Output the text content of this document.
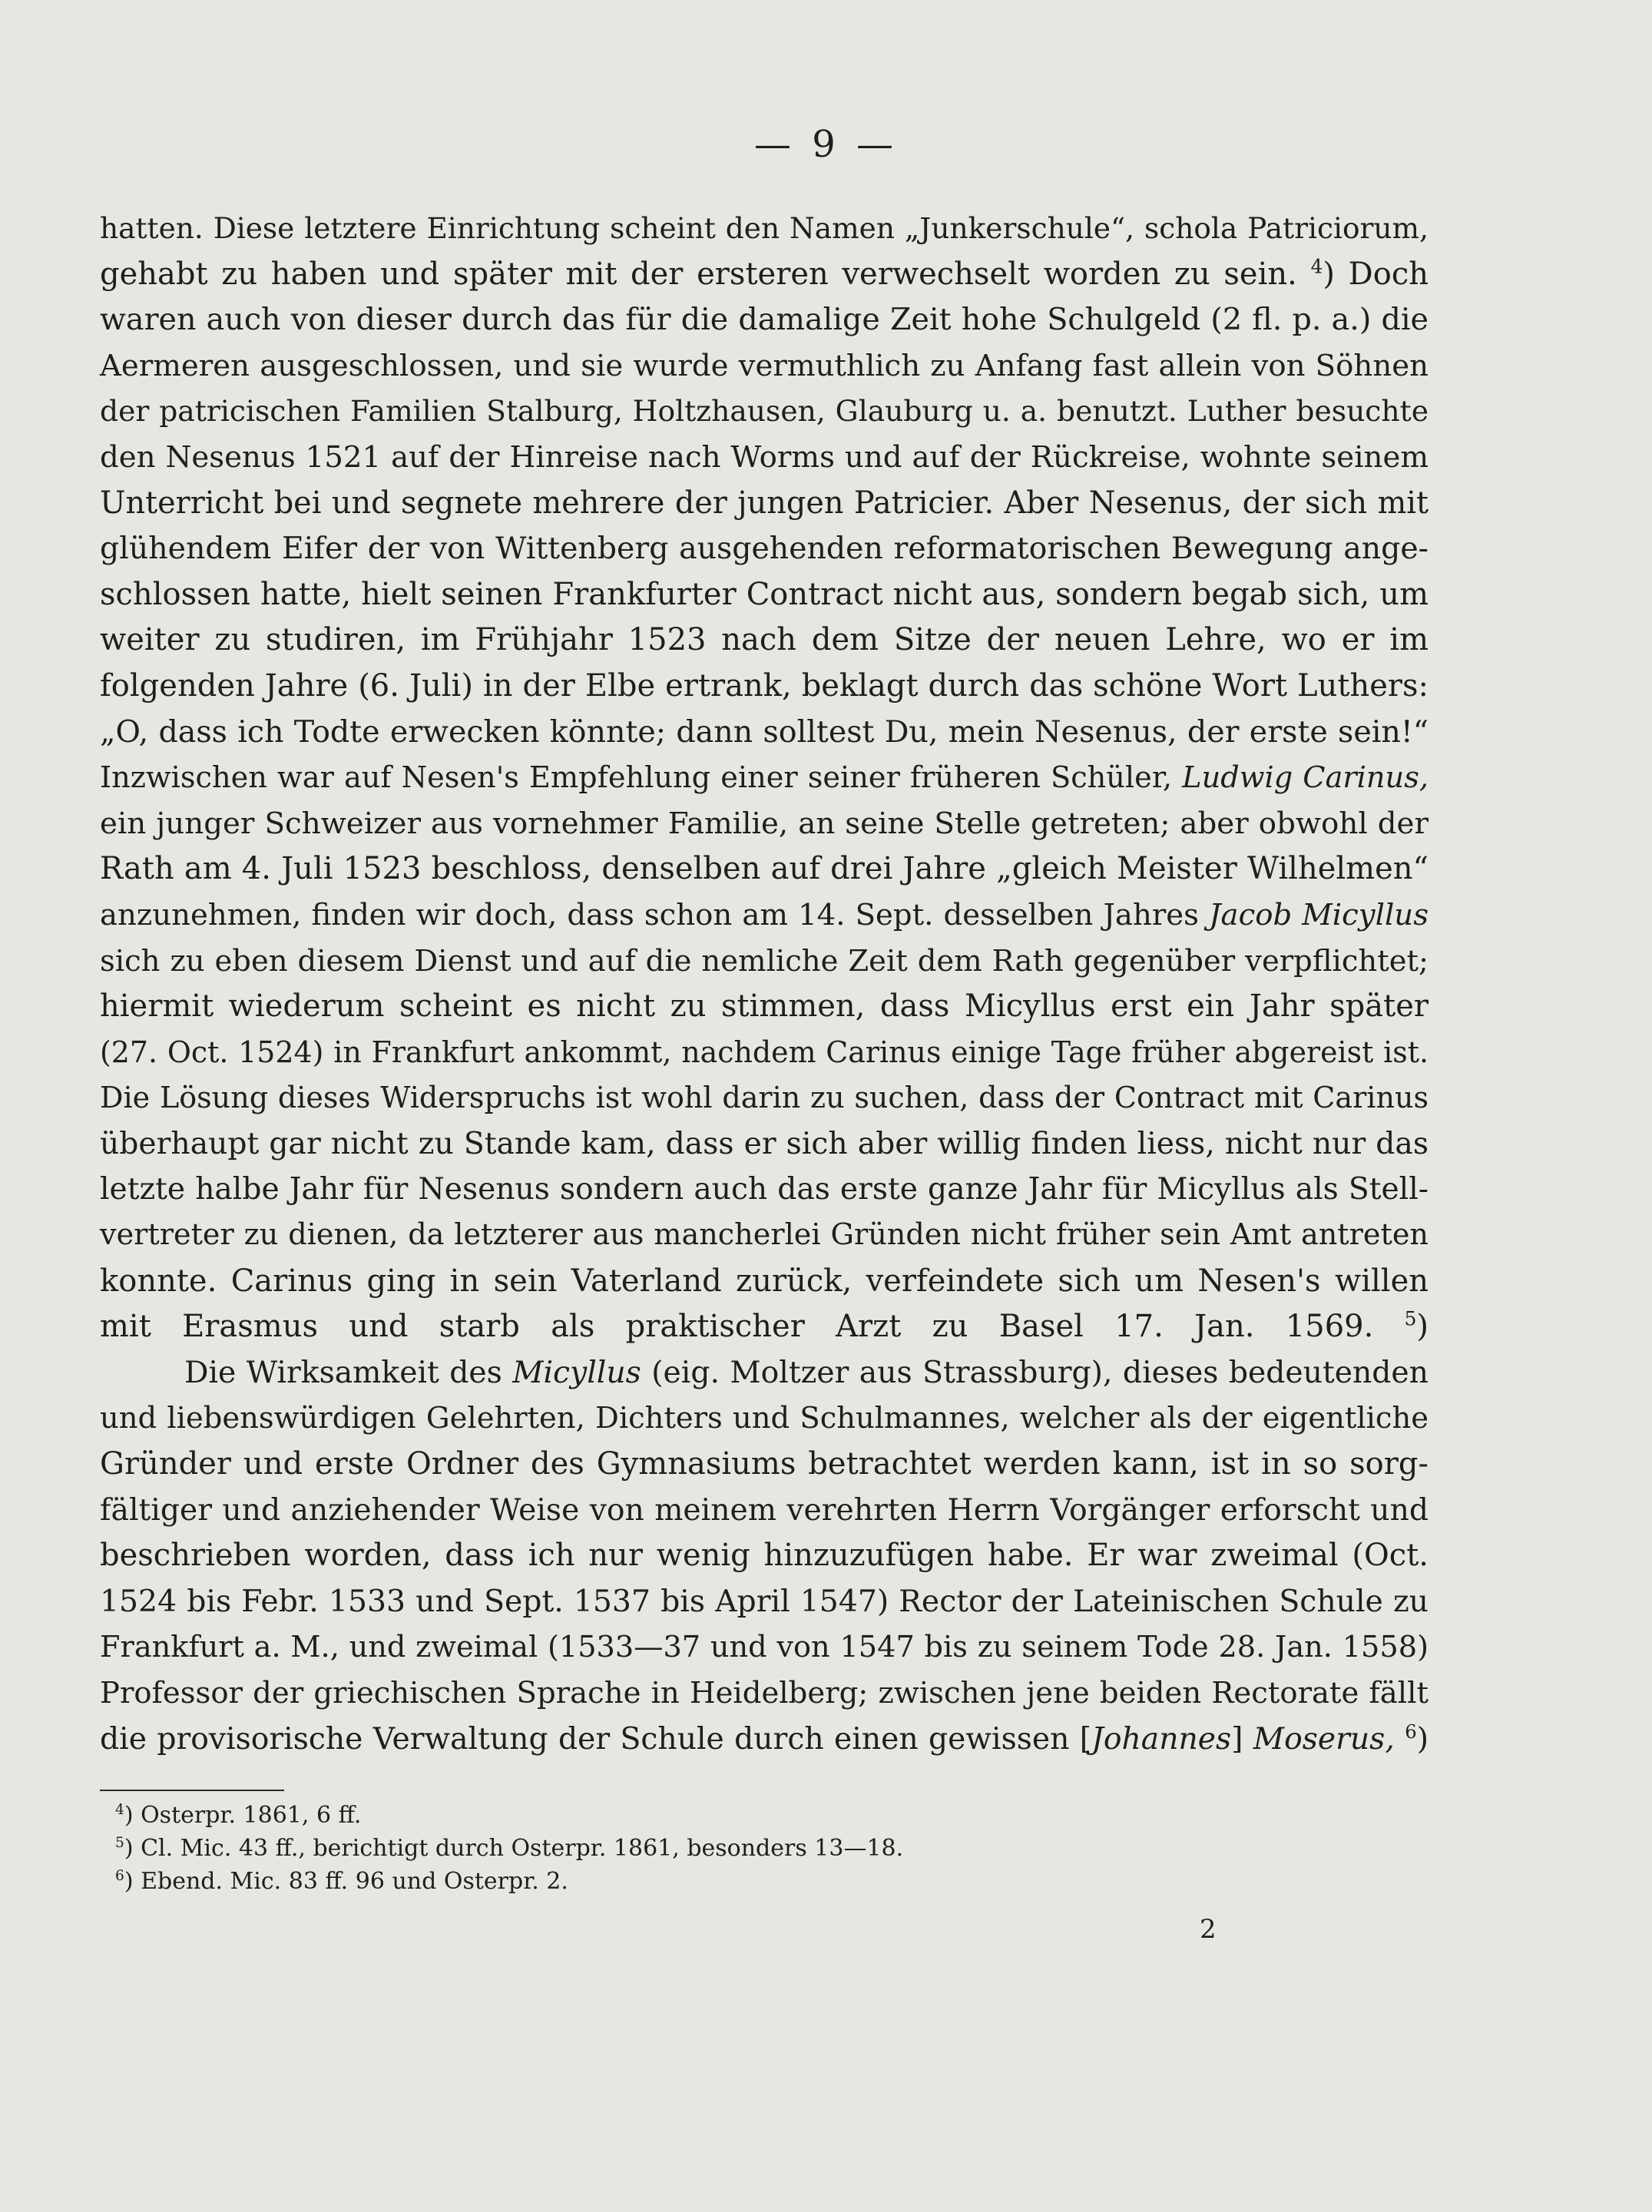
— 9 —
hatten. Diese letztere Einrichtung scheint den Namen „Junkerschule“, schola Patriciorum,
gehabt zu haben und später mit der ersteren verwechselt worden zu sein. $^4$) Doch
waren auch von dieser durch das für die damalige Zeit hohe Schulgeld (2 fl. p. a.) die
Aermeren ausgeschlossen, und sie wurde vermuthlich zu Anfang fast allein von Söhnen
der patricischen Familien Stalburg, Holtzhausen, Glauburg u. a. benutzt. Luther besuchte
den Nesenus 1521 auf der Hinreise nach Worms und auf der Rückreise, wohnte seinem
Unterricht bei und segnete mehrere der jungen Patricier. Aber Nesenus, der sich mit
glühendem Eifer der von Wittenberg ausgehenden reformatorischen Bewegung ange-
schlossen hatte, hielt seinen Frankfurter Contract nicht aus, sondern begab sich, um
weiter zu studiren, im Frühjahr 1523 nach dem Sitze der neuen Lehre, wo er im
folgenden Jahre (6. Juli) in der Elbe ertrank, beklagt durch das schöne Wort Luthers:
„O, dass ich Todte erwecken könnte; dann solltest Du, mein Nesenus, der erste sein!“
Inzwischen war auf Nesen's Empfehlung einer seiner früheren Schüler, Ludwig Carinus,
ein junger Schweizer aus vornehmer Familie, an seine Stelle getreten; aber obwohl der
Rath am 4. Juli 1523 beschloss, denselben auf drei Jahre „gleich Meister Wilhelmen“
anzunehmen, finden wir doch, dass schon am 14. Sept. desselben Jahres Jacob Micyllus
sich zu eben diesem Dienst und auf die nemliche Zeit dem Rath gegenüber verpflichtet;
hiermit wiederum scheint es nicht zu stimmen, dass Micyllus erst ein Jahr später
(27. Oct. 1524) in Frankfurt ankommt, nachdem Carinus einige Tage früher abgereist ist.
Die Lösung dieses Widerspruchs ist wohl darin zu suchen, dass der Contract mit Carinus
überhaupt gar nicht zu Stande kam, dass er sich aber willig finden liess, nicht nur das
letzte halbe Jahr für Nesenus sondern auch das erste ganze Jahr für Micyllus als Stell-
vertreter zu dienen, da letzterer aus mancherlei Gründen nicht früher sein Amt antreten
konnte. Carinus ging in sein Vaterland zurück, verfeindete sich um Nesen's willen
mit Erasmus und starb als praktischer Arzt zu Basel 17. Jan. 1569. $^5$)
Die Wirksamkeit des Micyllus (eig. Moltzer aus Strassburg), dieses bedeutenden
und liebenswürdigen Gelehrten, Dichters und Schulmannes, welcher als der eigentliche
Gründer und erste Ordner des Gymnasiums betrachtet werden kann, ist in so sorg-
fältiger und anziehender Weise von meinem verehrten Herrn Vorgänger erforscht und
beschrieben worden, dass ich nur wenig hinzuzufügen habe. Er war zweimal (Oct.
1524 bis Febr. 1533 und Sept. 1537 bis April 1547) Rector der Lateinischen Schule zu
Frankfurt a. M., und zweimal (1533—37 und von 1547 bis zu seinem Tode 28. Jan. 1558)
Professor der griechischen Sprache in Heidelberg; zwischen jene beiden Rectorate fällt
die provisorische Verwaltung der Schule durch einen gewissen [Johannes] Moserus, $^6$)
$^4$) Osterpr. 1861, 6 ff.
$^5$) Cl. Mic. 43 ff., berichtigt durch Osterpr. 1861, besonders 13—18.
$^6$) Ebend. Mic. 83 ff. 96 und Osterpr. 2.
2
